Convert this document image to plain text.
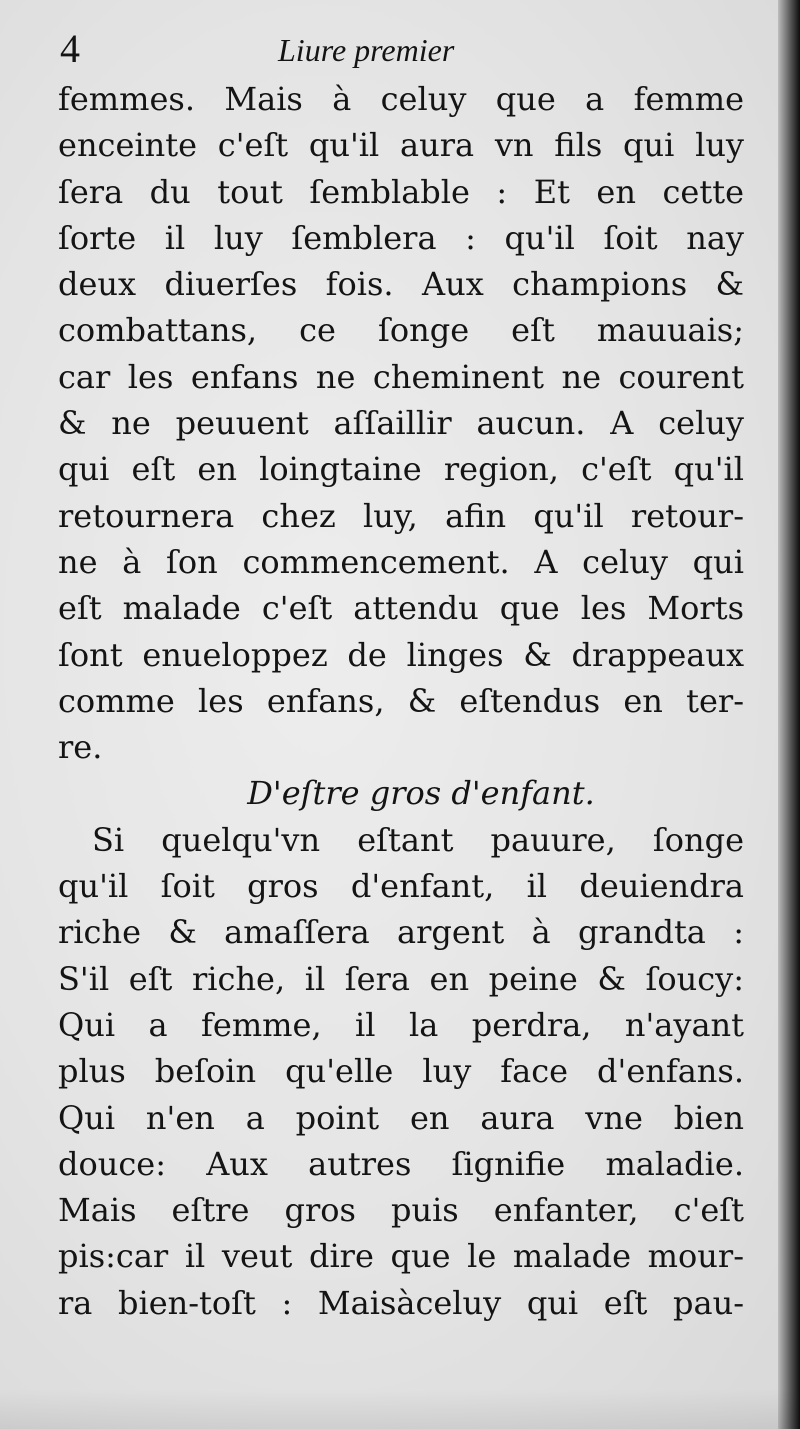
4	Liure premier
femmes. Mais à celuy que a femme
enceinte c'eſt qu'il aura vn fils qui luy
ſera du tout ſemblable : Et en cette
ſorte il luy ſemblera : qu'il ſoit nay
deux diuerſes fois. Aux champions &
combattans, ce ſonge eſt mauuais;
car les enfans ne cheminent ne courent
& ne peuuent aſſaillir aucun. A celuy
qui eſt en loingtaine region, c'eſt qu'il
retournera chez luy, afin qu'il retour-
ne à ſon commencement. A celuy qui
eſt malade c'eſt attendu que les Morts
ſont enueloppez de linges & drappeaux
comme les enfans, & eſtendus en ter-
re.
D'eſtre gros d'enfant.
Si quelqu'vn eſtant pauure, ſonge
qu'il ſoit gros d'enfant, il deuiendra
riche & amaſſera argent à grandta :
S'il eſt riche, il ſera en peine & ſoucy:
Qui a femme, il la perdra, n'ayant
plus beſoin qu'elle luy face d'enfans.
Qui n'en a point en aura vne bien
douce: Aux autres ſignifie maladie.
Mais eſtre gros puis enfanter, c'eſt
pis:car il veut dire que le malade mour-
ra bien-toſt : Maisàceluy qui eſt pau-
